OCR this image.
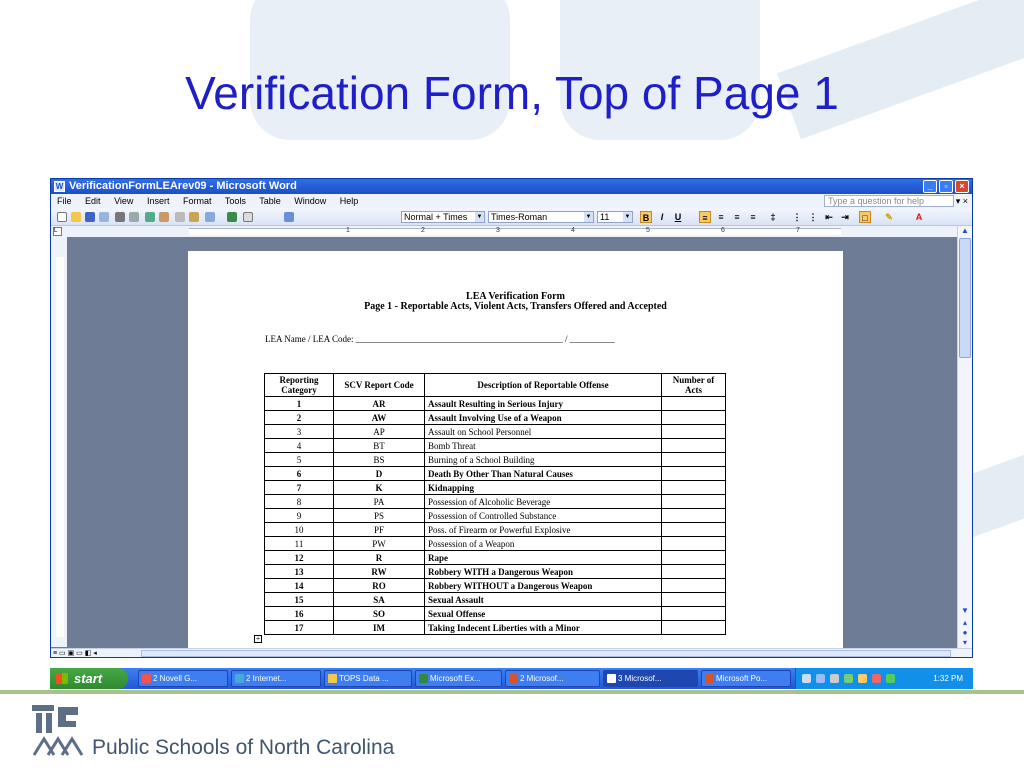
Verification Form, Top of Page 1
W VerificationFormLEArev09 - Microsoft Word	_	▫	×
File Edit View Insert Format Tools Table Window Help	Type a question for help	▾ ×
Normal + Times ▼ Times-Roman	▼ 11	▼	B	I	U	≡	≡	≡	≡	‡	⋮ ⋮ ⇤ ⇥	□	✎	A
L	1	2	3	4	5	6	7	▲
▼
▴
●
▾
LEA Verification Form
Page 1 - Reportable Acts, Violent Acts, Transfers Offered and Accepted
LEA Name / LEA Code: ______________________________________________ / __________
Reporting Category	SCV Report Code	Description of Reportable Offense	Number of Acts
1	AR	Assault Resulting in Serious Injury	
2	AW	Assault Involving Use of a Weapon	
3	AP	Assault on School Personnel	
4	BT	Bomb Threat	
5	BS	Burning of a School Building	
6	D	Death By Other Than Natural Causes	
7	K	Kidnapping	
8	PA	Possession of Alcoholic Beverage	
9	PS	Possession of Controlled Substance	
10	PF	Poss. of Firearm or Powerful Explosive	
11	PW	Possession of a Weapon	
12	R	Rape	
13	RW	Robbery WITH a Dangerous Weapon	
14	RO	Robbery WITHOUT a Dangerous Weapon	
15	SA	Sexual Assault	
16	SO	Sexual Offense	
17	IM	Taking Indecent Liberties with a Minor	
+
≡ ▭ ▣ ▭ ◧ ◂
start	2 Novell G...	2 Internet...	TOPS Data ...	Microsoft Ex...	2 Microsof...	3 Microsof...	Microsoft Po...	1:32 PM
Public Schools of North Carolina
